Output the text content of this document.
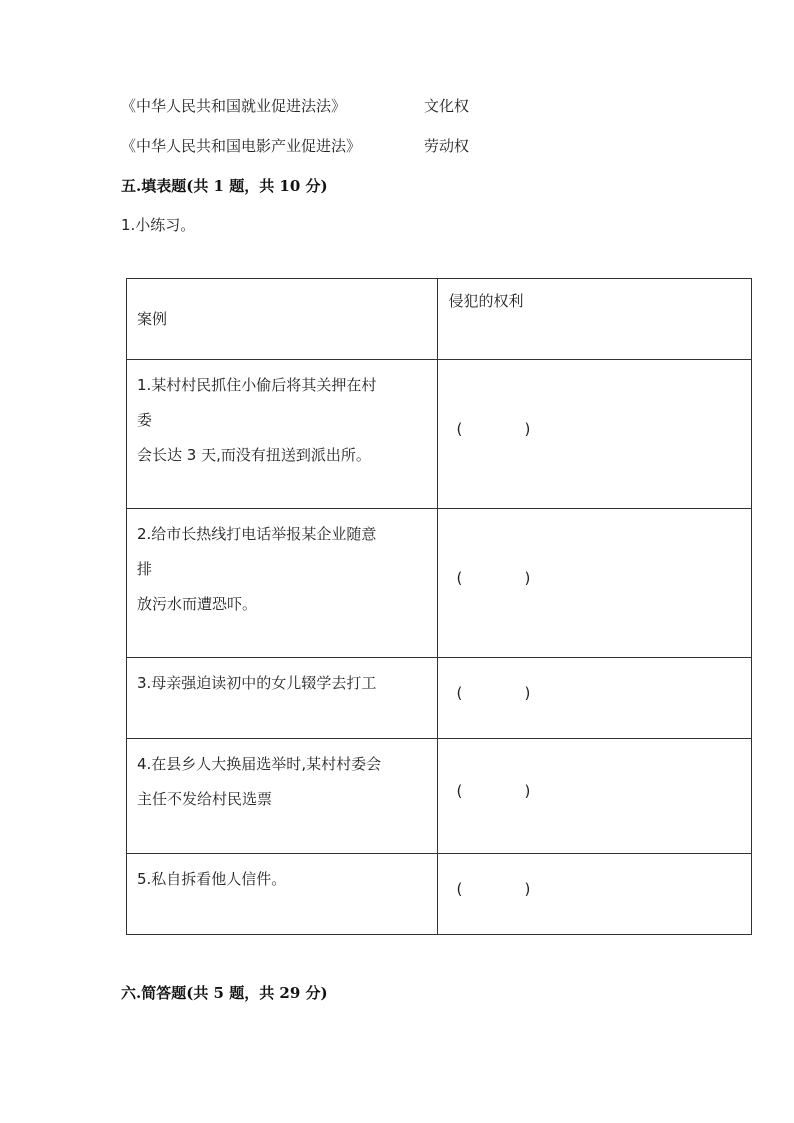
《中华人民共和国就业促进法法》	文化权
《中华人民共和国电影产业促进法》	劳动权
五.填表题(共 1 题，共 10 分)
1.小练习。
案例	侵犯的权利

1.某村村民抓住小偷后将其关押在村
委
会长达 3 天,而没有扭送到派出所。	( )

2.给市长热线打电话举报某企业随意
排
放污水而遭恐吓。	( )

3.母亲强迫读初中的女儿辍学去打工	( )

4.在县乡人大换届选举时,某村村委会
主任不发给村民选票	( )

5.私自拆看他人信件。	( )
六.简答题(共 5 题，共 29 分)
